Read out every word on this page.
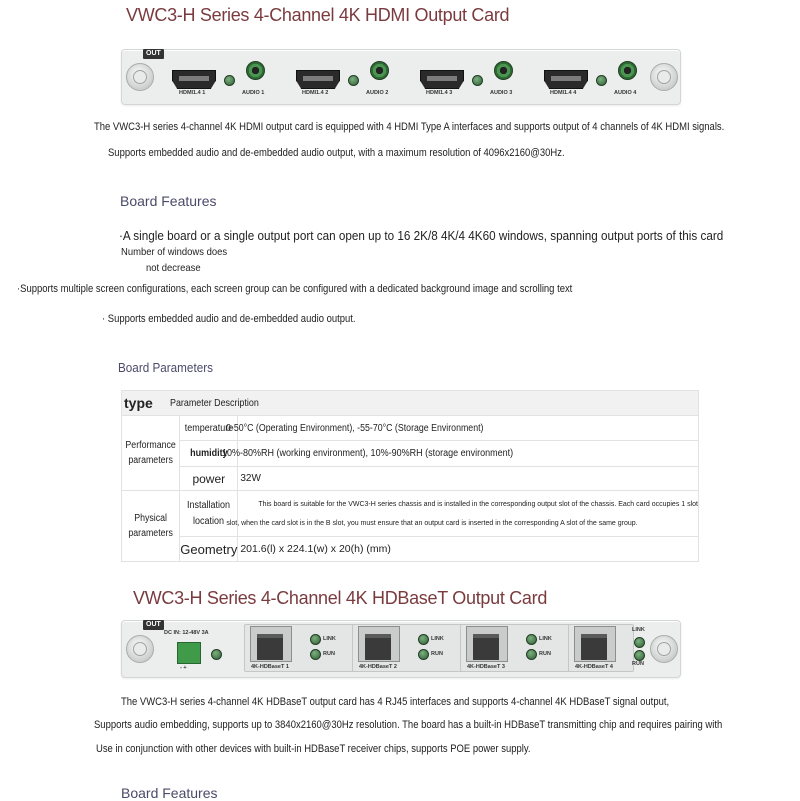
VWC3-H Series 4-Channel 4K HDMI Output Card
OUT
HDMI1.4 1	AUDIO 1	HDMI1.4 2	AUDIO 2	HDMI1.4 3	AUDIO 3	HDMI1.4 4	AUDIO 4
The VWC3-H series 4-channel 4K HDMI output card is equipped with 4 HDMI Type A interfaces and supports output of 4 channels of 4K HDMI signals.
Supports embedded audio and de-embedded audio output, with a maximum resolution of 4096x2160@30Hz.
Board Features
·A single board or a single output port can open up to 16 2K/8 4K/4 4K60 windows, spanning output ports of this card
Number of windows does
not decrease
·Supports multiple screen configurations, each screen group can be configured with a dedicated background image and scrolling text
· Supports embedded audio and de-embedded audio output.
Board Parameters
type	Parameter Description	
Performance parameters	temperature	0-50°C (Operating Environment), -55-70°C (Storage Environment)
	humidity	10%-80%RH (working environment), 10%-90%RH (storage environment)
	power	32W
Physical parameters	Installation location	This board is suitable for the VWC3-H series chassis and is installed in the corresponding output slot of the chassis. Each card occupies 1 slot
slot, when the card slot is in the B slot, you must ensure that an output card is inserted in the corresponding A slot of the same group.

	Geometry	201.6(l) x 224.1(w) x 20(h) (mm)
VWC3-H Series 4-Channel 4K HDBaseT Output Card
OUT
DC IN: 12-48V 3A
- +
LINK
RUN
4K-HDBaseT 1
LINK
RUN
4K-HDBaseT 2
LINK
RUN
4K-HDBaseT 3
LINK
RUN
4K-HDBaseT 4
The VWC3-H series 4-channel 4K HDBaseT output card has 4 RJ45 interfaces and supports 4-channel 4K HDBaseT signal output,
Supports audio embedding, supports up to 3840x2160@30Hz resolution. The board has a built-in HDBaseT transmitting chip and requires pairing with
Use in conjunction with other devices with built-in HDBaseT receiver chips, supports POE power supply.
Board Features
